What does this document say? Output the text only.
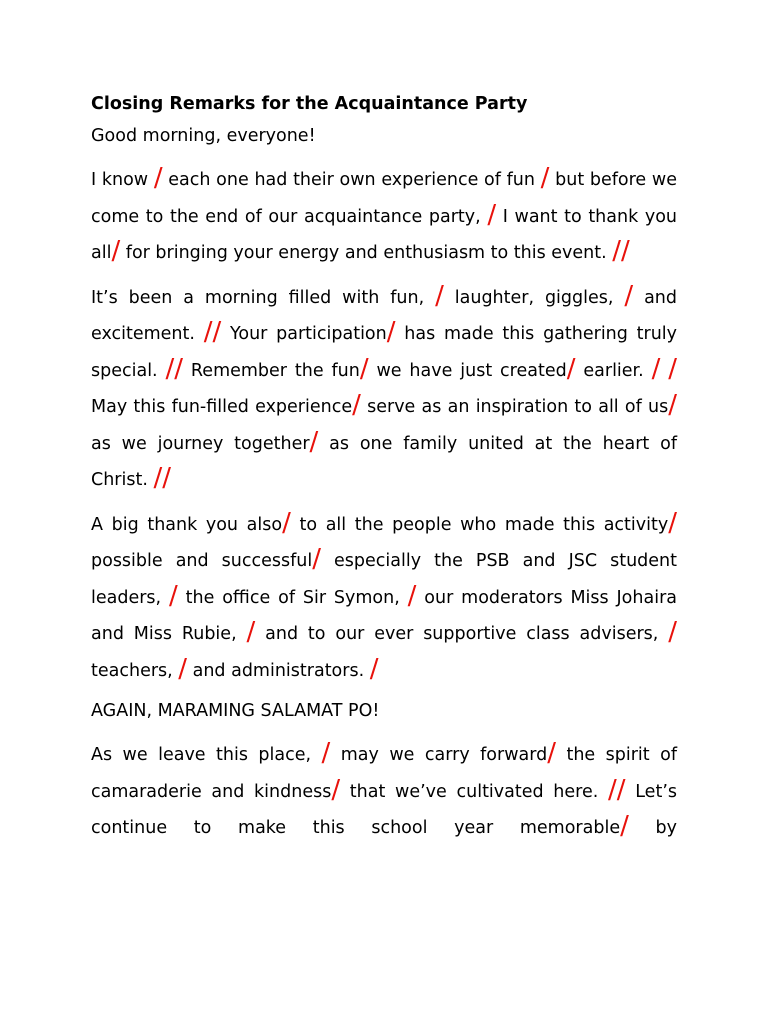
Closing Remarks for the Acquaintance Party
Good morning, everyone!
I know / each one had their own experience of fun / but before we come to the end of our acquaintance party, / I want to thank you all/ for bringing your energy and enthusiasm to this event. //
It’s been a morning filled with fun, / laughter, giggles, / and excitement. // Your participation/ has made this gathering truly special. // Remember the fun/ we have just created/ earlier. / / May this fun-filled experience/ serve as an inspiration to all of us/ as we journey together/ as one family united at the heart of Christ. //
A big thank you also/ to all the people who made this activity/ possible and successful/ especially the PSB and JSC student leaders, / the office of Sir Symon, / our moderators Miss Johaira and Miss Rubie, / and to our ever supportive class advisers, / teachers, / and administrators. /
AGAIN, MARAMING SALAMAT PO!
As we leave this place, / may we carry forward/ the spirit of camaraderie and kindness/ that we’ve cultivated here. // Let’s continue to make this school year memorable/ by
